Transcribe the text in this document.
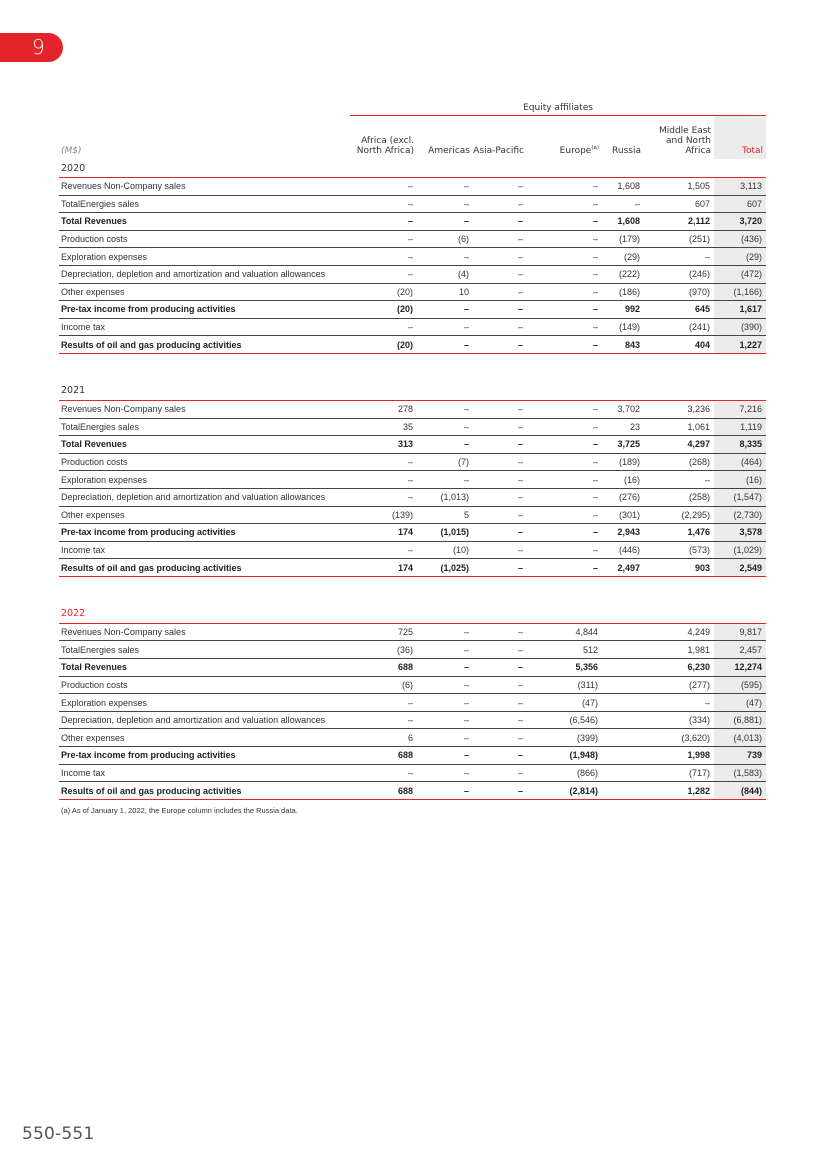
9
	Equity affiliates						
(M$)	Africa (excl. North Africa)	Americas	Asia-Pacific	Europe$^{(a)}$	Russia	Middle East and North Africa	Total
2020							
Revenues Non-Company sales	–	–	–	–	1,608	1,505	3,113
TotalEnergies sales	–	–	–	–	–	607	607
Total Revenues	–	–	–	–	1,608	2,112	3,720
Production costs	–	(6)	–	–	(179)	(251)	(436)
Exploration expenses	–	–	–	–	(29)	–	(29)
Depreciation, depletion and amortization and valuation allowances	–	(4)	–	–	(222)	(246)	(472)
Other expenses	(20)	10	–	–	(186)	(970)	(1,166)
Pre-tax income from producing activities	(20)	–	–	–	992	645	1,617
Income tax	–	–	–	–	(149)	(241)	(390)
Results of oil and gas producing activities	(20)	–	–	–	843	404	1,227

2021							
Revenues Non-Company sales	278	–	–	–	3,702	3,236	7,216
TotalEnergies sales	35	–	–	–	23	1,061	1,119
Total Revenues	313	–	–	–	3,725	4,297	8,335
Production costs	–	(7)	–	–	(189)	(268)	(464)
Exploration expenses	–	–	–	–	(16)	–	(16)
Depreciation, depletion and amortization and valuation allowances	–	(1,013)	–	–	(276)	(258)	(1,547)
Other expenses	(139)	5	–	–	(301)	(2,295)	(2,730)
Pre-tax income from producing activities	174	(1,015)	–	–	2,943	1,476	3,578
Income tax	–	(10)	–	–	(446)	(573)	(1,029)
Results of oil and gas producing activities	174	(1,025)	–	–	2,497	903	2,549

2022							
Revenues Non-Company sales	725	–	–	4,844		4,249	9,817
TotalEnergies sales	(36)	–	–	512		1,981	2,457
Total Revenues	688	–	–	5,356		6,230	12,274
Production costs	(6)	–	–	(311)		(277)	(595)
Exploration expenses	–	–	–	(47)		–	(47)
Depreciation, depletion and amortization and valuation allowances	–	–	–	(6,546)		(334)	(6,881)
Other expenses	6	–	–	(399)		(3,620)	(4,013)
Pre-tax income from producing activities	688	–	–	(1,948)		1,998	739
Income tax	–	–	–	(866)		(717)	(1,583)
Results of oil and gas producing activities	688	–	–	(2,814)		1,282	(844)
(a) As of January 1, 2022, the Europe column includes the Russia data.
550-551
